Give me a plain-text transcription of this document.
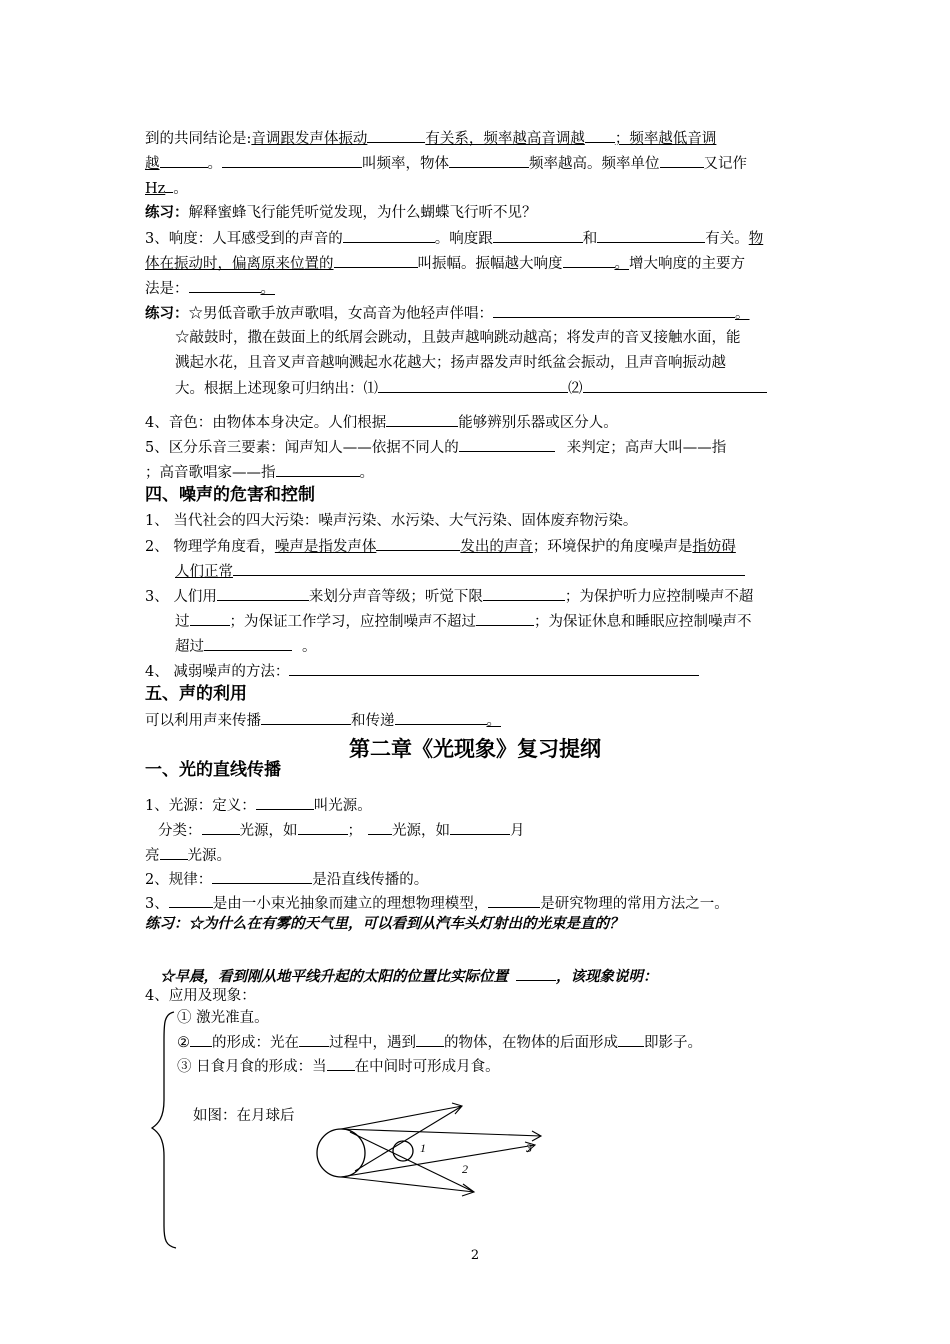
到的共同结论是:音调跟发声体振动	有关系，频率越高音调越 ；频率越低音调
越	。	叫频率，物体	频率越高。频率单位	又记作
Hz 。
练习：解释蜜蜂飞行能凭听觉发现，为什么蝴蝶飞行听不见？
3、响度：人耳感受到的声音的	。响度跟	和	有关。物
体在振动时，偏离原来位置的	叫振幅。振幅越大响度	。增大响度的主要方
法是：	。
练习：☆男低音歌手放声歌唱，女高音为他轻声伴唱：	。
☆敲鼓时，撒在鼓面上的纸屑会跳动，且鼓声越响跳动越高；将发声的音叉接触水面，能
溅起水花，且音叉声音越响溅起水花越大；扬声器发声时纸盆会振动，且声音响振动越
大。根据上述现象可归纳出：⑴	⑵
4、音色：由物体本身决定。人们根据	能够辨别乐器或区分人。
5、区分乐音三要素：闻声知人——依据不同人的	来判定；高声大叫——指
；高音歌唱家——指	。
四、噪声的危害和控制
1、 当代社会的四大污染：噪声污染、水污染、大气污染、固体废弃物污染。
2、 物理学角度看，噪声是指发声体	发出的声音；环境保护的角度噪声是指妨碍
人们正常
3、 人们用	来划分声音等级；听觉下限	；为保护听力应控制噪声不超
过	；为保证工作学习，应控制噪声不超过	；为保证休息和睡眠应控制噪声不
超过	。
4、 减弱噪声的方法：
五、声的利用
可以利用声来传播	和传递	。
第二章《光现象》复习提纲
一、光的直线传播
1、光源：定义：	叫光源。
分类：	光源，如	； 光源，如	月
亮 光源。
2、规律：	是沿直线传播的。
3、	是由一小束光抽象而建立的理想物理模型，	是研究物理的常用方法之一。
练习：☆为什么在有雾的天气里，可以看到从汽车头灯射出的光束是直的？
☆早晨，看到刚从地平线升起的太阳的位置比实际位置	，该现象说明：
4、应用及现象：
① 激光准直。
② 的形成：光在 过程中，遇到 的物体，在物体的后面形成 即影子。
③ 日食月食的形成：当 在中间时可形成月食。
如图：在月球后
1
2
3
2
